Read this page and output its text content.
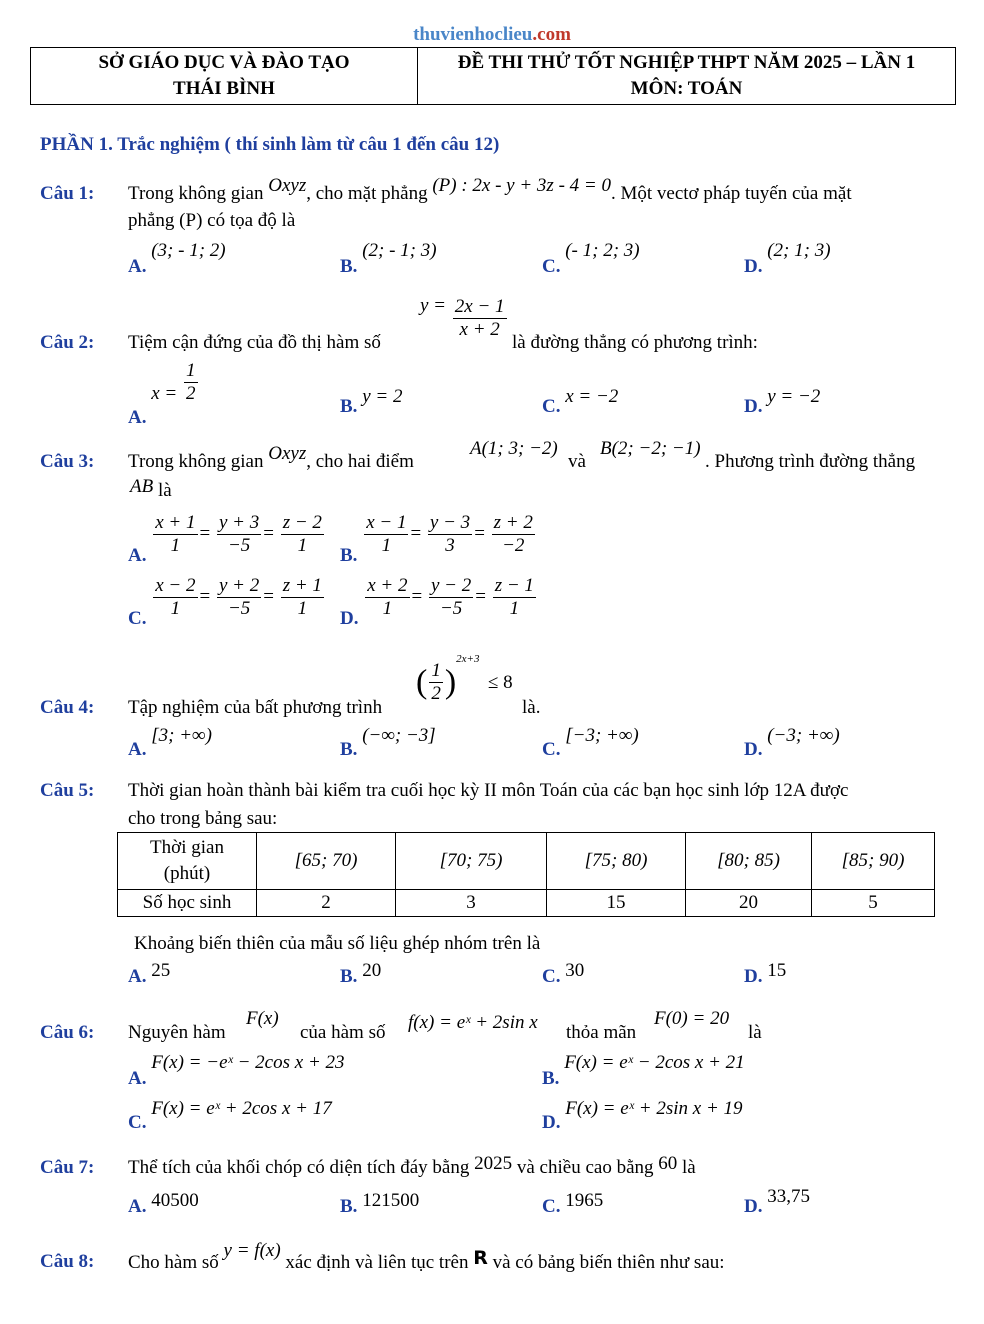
thuvienhoclieu.com
SỞ GIÁO DỤC VÀ ĐÀO TẠO
THÁI BÌNH
ĐỀ THI THỬ TỐT NGHIỆP THPT NĂM 2025 – LẦN 1
MÔN: TOÁN
PHẦN 1. Trắc nghiệm ( thí sinh làm từ câu 1 đến câu 12)
Câu 1: Trong không gian Oxyz, cho mặt phẳng (P) : 2x - y + 3z - 4 = 0. Một vectơ pháp tuyến của mặt
phẳng (P) có tọa độ là
A. (3; - 1; 2)
B. (2; - 1; 3)
C. (- 1; 2; 3)
D. (2; 1; 3)
Câu 2: Tiệm cận đứng của đồ thị hàm số
$y = \frac{2x - 1}{x + 2}$
là đường thẳng có phương trình:
A. $x = \frac{1}{2}$
B. y = 2	C. x = −2	D. y = −2
Câu 3: Trong không gian Oxyz, cho hai điểm
A(1; 3; −2)
và
B(2; −2; −1)
. Phương trình đường thẳng
AB là
A. $\frac{x + 1}{1} = \frac{y + 3}{-5} = \frac{z - 2}{1} B$. $\frac{x - 1}{1} = \frac{y - 3}{3} = \frac{z + 2}{-2}$
C. $\frac{x - 2}{1} = \frac{y + 2}{-5} = \frac{z + 1}{1} D$. $\frac{x + 2}{1} = \frac{y - 2}{-5} = \frac{z - 1}{1}$
Câu 4: Tập nghiệm của bất phương trình
( $\frac{1}{2} )^{2x+3}$
≤ 8
là.
A. [3; +∞)
B. (−∞; −3]
C. [−3; +∞)
D. (−3; +∞)
Câu 5: Thời gian hoàn thành bài kiểm tra cuối học kỳ II môn Toán của các bạn học sinh lớp 12A được
cho trong bảng sau:
Thời gian
(phút)	[65; 70)	[70; 75)	[75; 80)	[80; 85)	[85; 90)
Số học sinh	2	3	15	20	5
Khoảng biến thiên của mẫu số liệu ghép nhóm trên là
A. 25	B. 20	C. 30	D. 15
Câu 6: Nguyên hàm
F(x)
của hàm số f(x) = eˣ + 2sin x thỏa mãn
F(0) = 20
là
A. F(x) = −eˣ − 2cos x + 23
B. F(x) = eˣ − 2cos x + 21
C. F(x) = eˣ + 2cos x + 17
D. F(x) = eˣ + 2sin x + 19
Câu 7: Thể tích của khối chóp có diện tích đáy bằng 2025 và chiều cao bằng 60 là
A. 40500	B. 121500	C. 1965	D. 33,75
Câu 8: Cho hàm số y = f(x) xác định và liên tục trên R và có bảng biến thiên như sau:
